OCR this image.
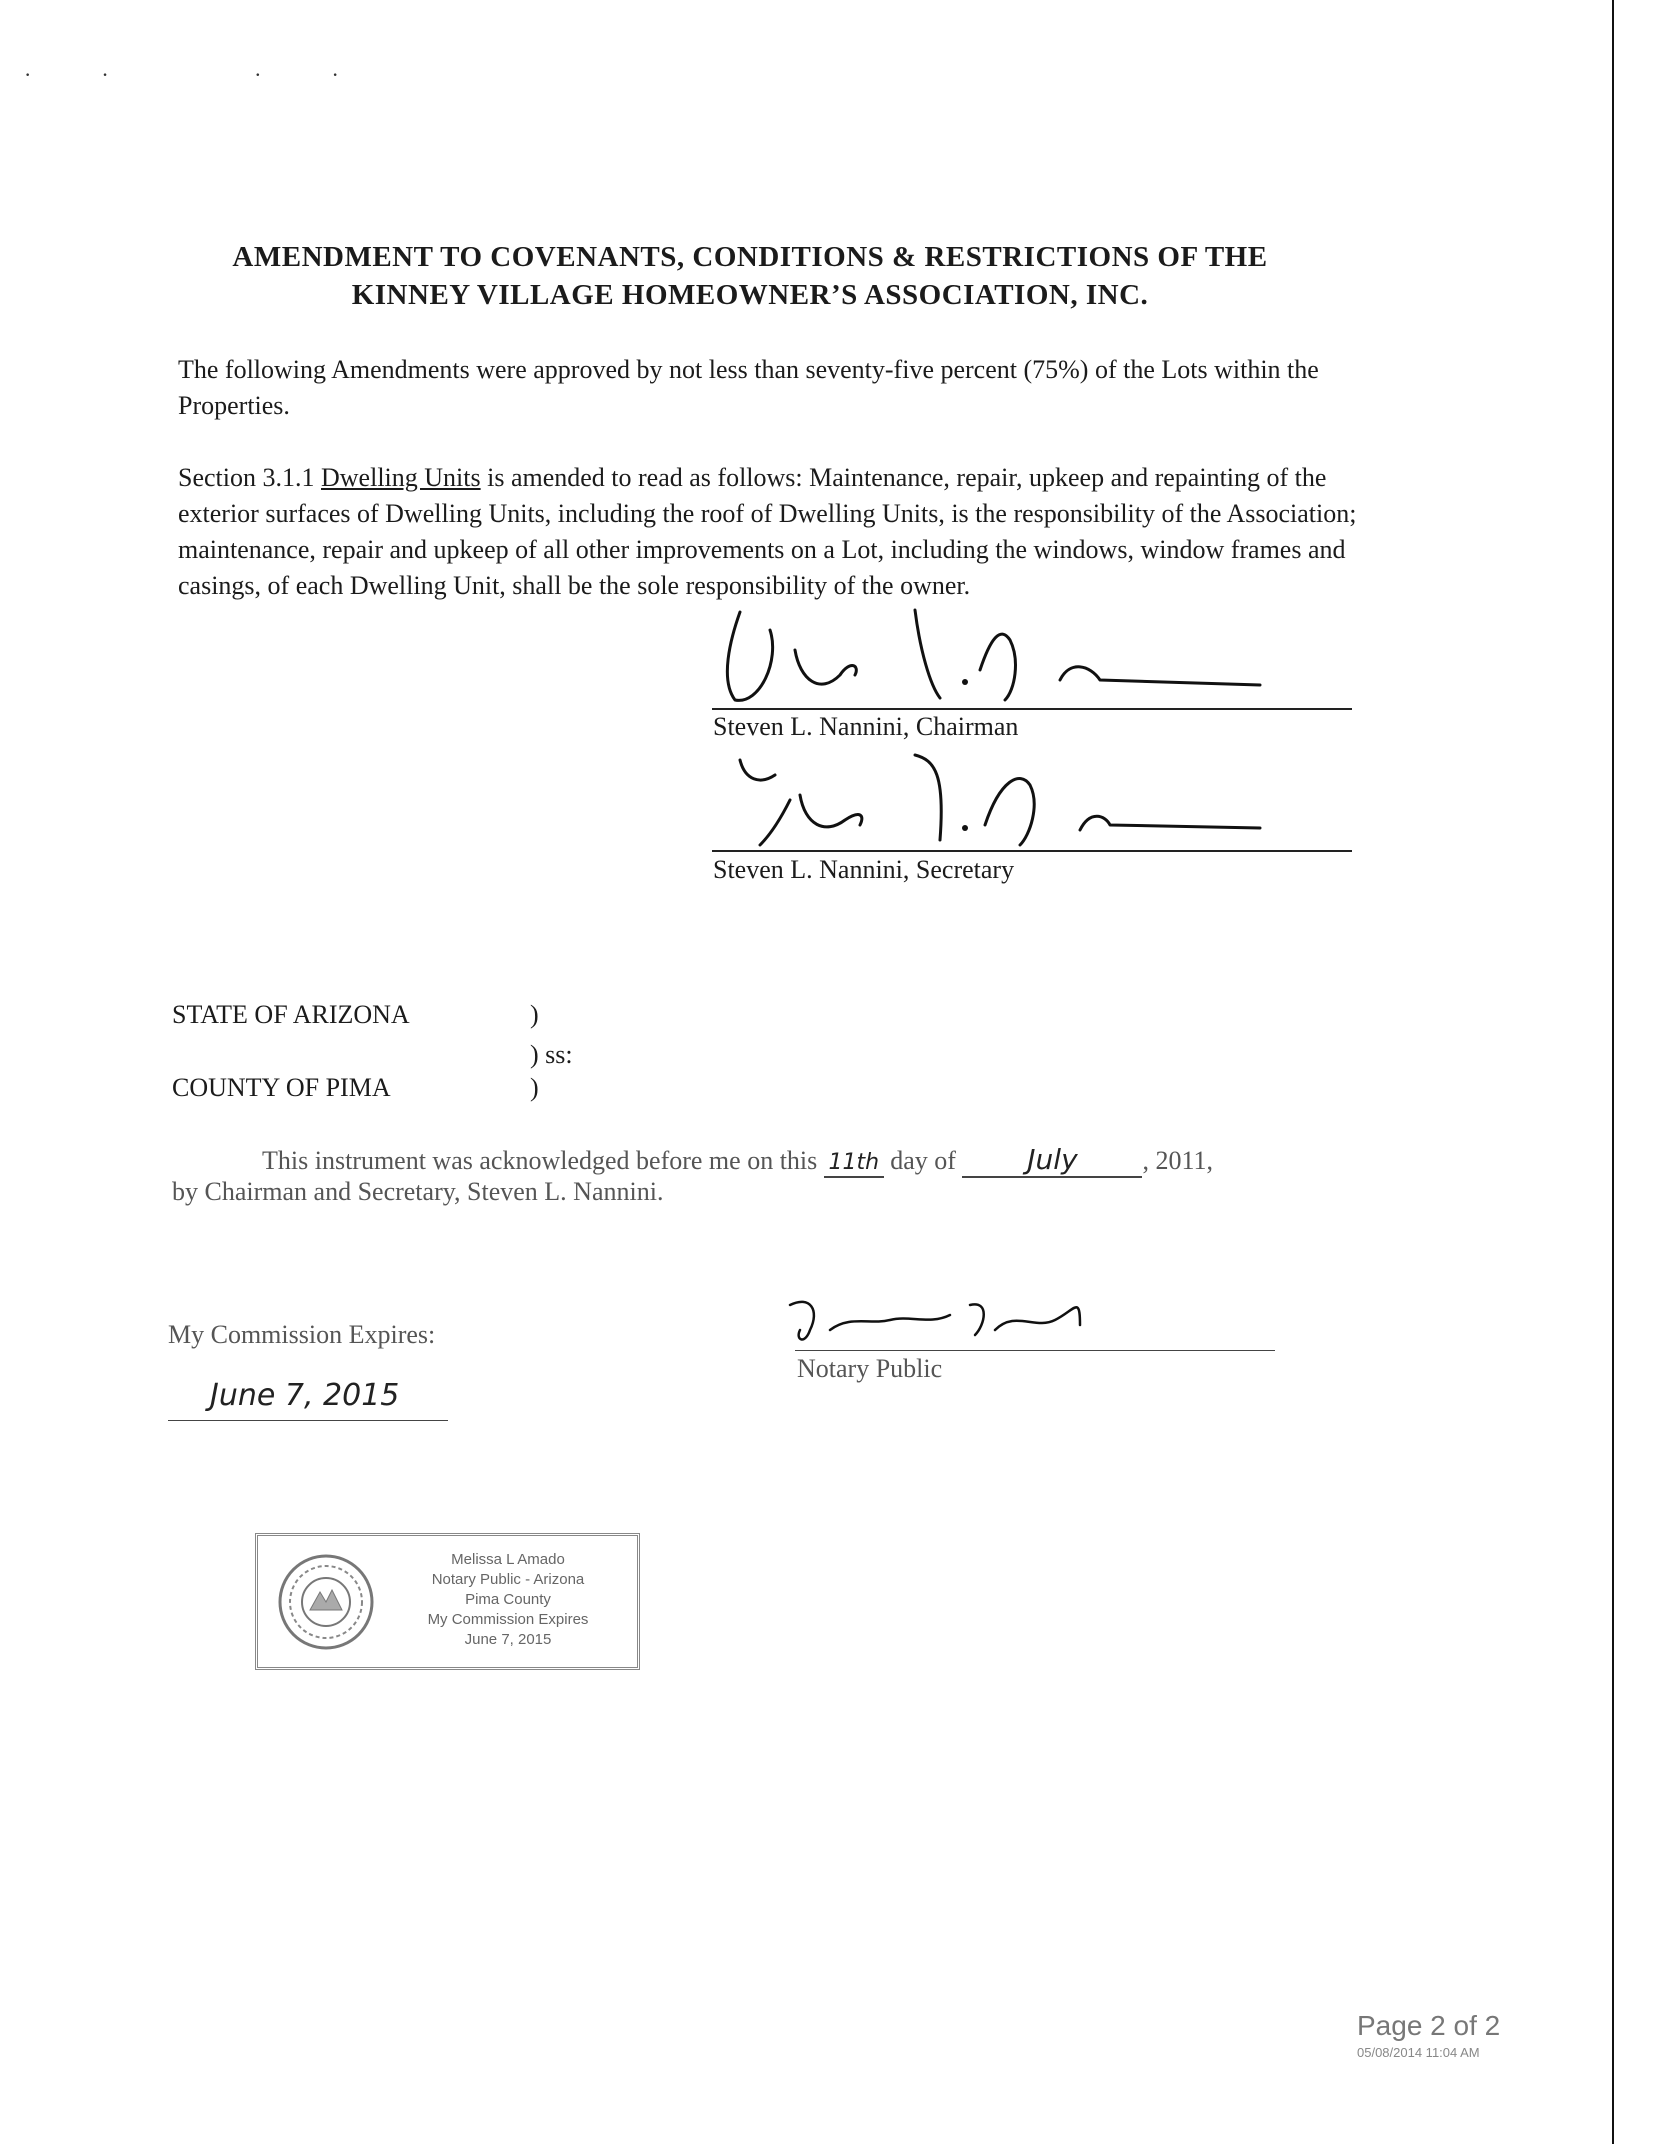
·· ··
AMENDMENT TO COVENANTS, CONDITIONS & RESTRICTIONS OF THE
KINNEY VILLAGE HOMEOWNER’S ASSOCIATION, INC.
The following Amendments were approved by not less than seventy-five percent (75%) of the Lots within the Properties.
Section 3.1.1 Dwelling Units is amended to read as follows: Maintenance, repair, upkeep and repainting of the exterior surfaces of Dwelling Units, including the roof of Dwelling Units, is the responsibility of the Association; maintenance, repair and upkeep of all other improvements on a Lot, including the windows, window frames and casings, of each Dwelling Unit, shall be the sole responsibility of the owner.
Steven L. Nannini, Chairman
Steven L. Nannini, Secretary
STATE OF ARIZONA	)
) ss:
COUNTY OF PIMA	)
This instrument was acknowledged before me on this 11th day of	July , 2011,
by Chairman and Secretary, Steven L. Nannini.
My Commission Expires:
June 7, 2015
Notary Public
Melissa L Amado
Notary Public - Arizona
Pima County
My Commission Expires
June 7, 2015
Page 2 of 2
05/08/2014 11:04 AM
